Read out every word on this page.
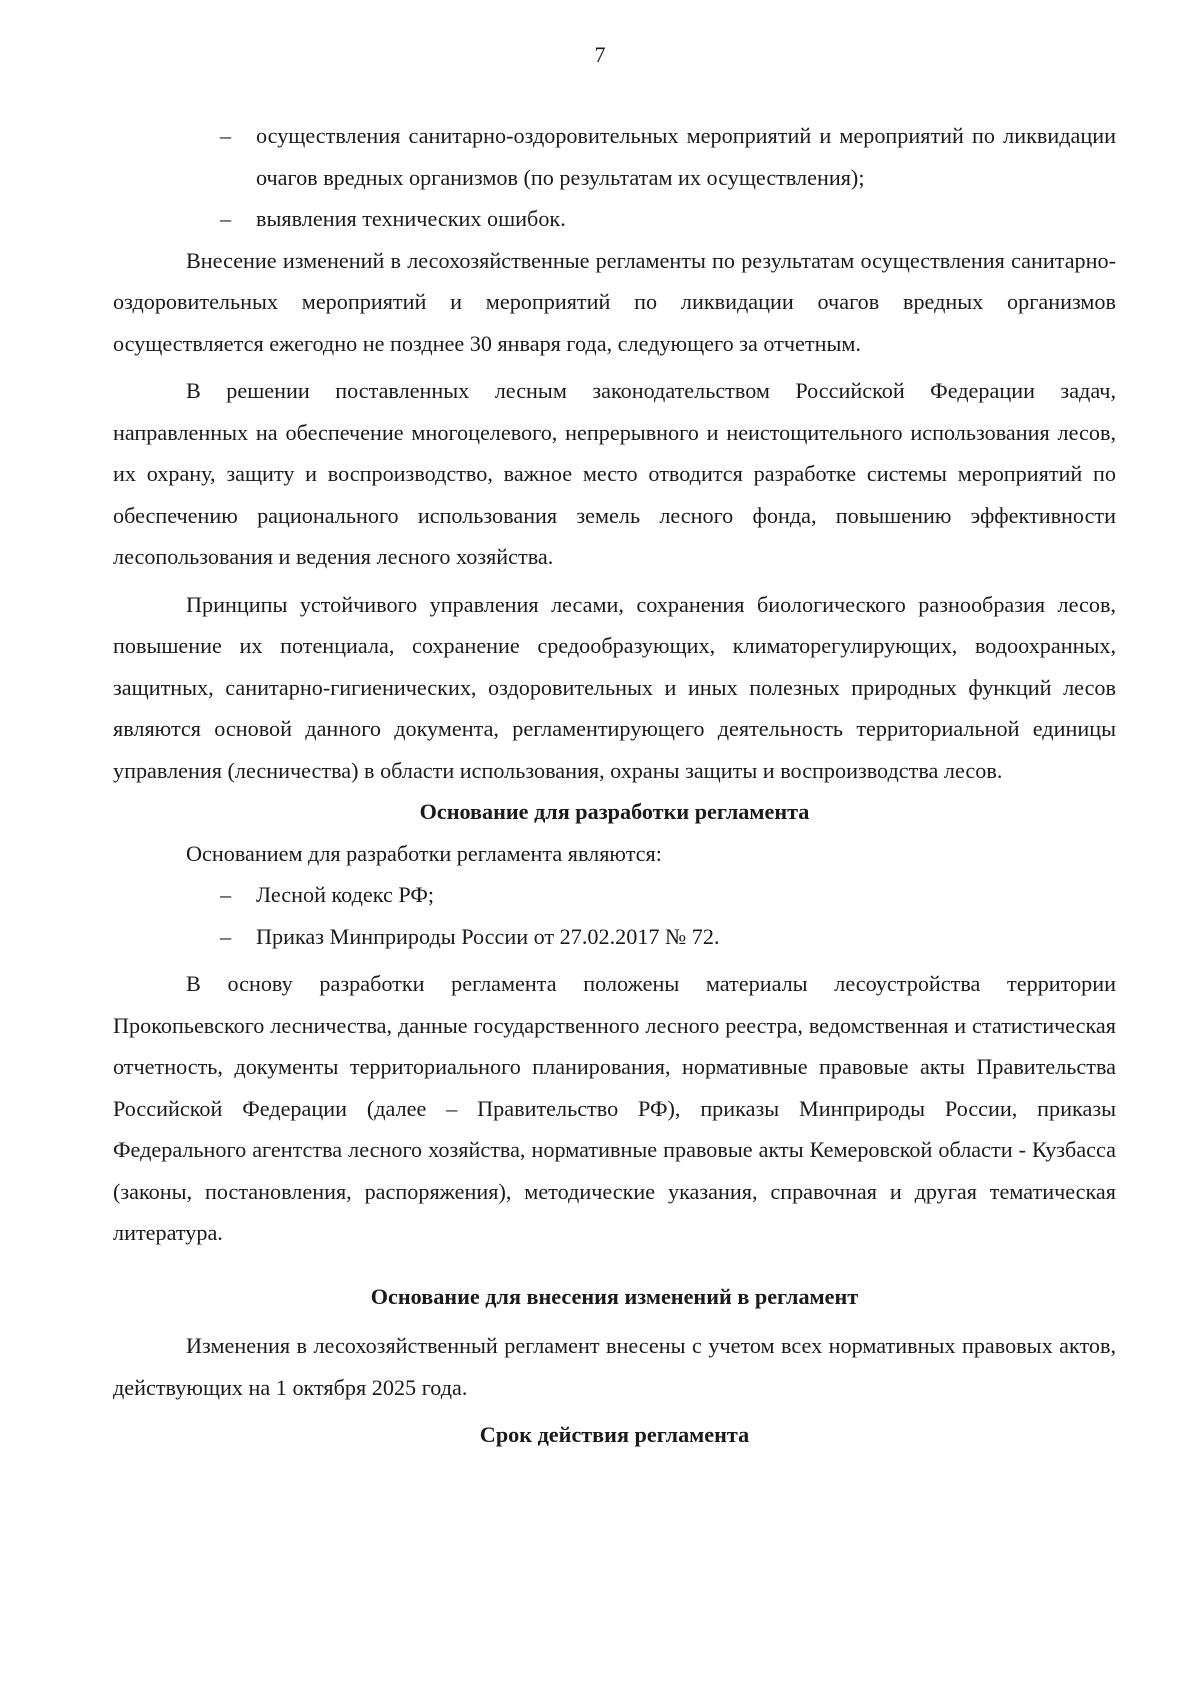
7
– осуществления санитарно-оздоровительных мероприятий и мероприятий по ликвидации очагов вредных организмов (по результатам их осуществления);
– выявления технических ошибок.

Внесение изменений в лесохозяйственные регламенты по результатам осуществления санитарно-оздоровительных мероприятий и мероприятий по ликвидации очагов вредных организмов осуществляется ежегодно не позднее 30 января года, следующего за отчетным.

В решении поставленных лесным законодательством Российской Федерации задач, направленных на обеспечение многоцелевого, непрерывного и неистощительного использования лесов, их охрану, защиту и воспроизводство, важное место отводится разработке системы мероприятий по обеспечению рационального использования земель лесного фонда, повышению эффективности лесопользования и ведения лесного хозяйства.

Принципы устойчивого управления лесами, сохранения биологического разнообразия лесов, повышение их потенциала, сохранение средообразующих, климаторегулирующих, водоохранных, защитных, санитарно-гигиенических, оздоровительных и иных полезных природных функций лесов являются основой данного документа, регламентирующего деятельность территориальной единицы управления (лесничества) в области использования, охраны защиты и воспроизводства лесов.

Основание для разработки регламента

Основанием для разработки регламента являются:

– Лесной кодекс РФ;
– Приказ Минприроды России от 27.02.2017 № 72.

В основу разработки регламента положены материалы лесоустройства территории Прокопьевского лесничества, данные государственного лесного реестра, ведомственная и статистическая отчетность, документы территориального планирования, нормативные правовые акты Правительства Российской Федерации (далее – Правительство РФ), приказы Минприроды России, приказы Федерального агентства лесного хозяйства, нормативные правовые акты Кемеровской области - Кузбасса (законы, постановления, распоряжения), методические указания, справочная и другая тематическая литература.

Основание для внесения изменений в регламент

Изменения в лесохозяйственный регламент внесены с учетом всех нормативных правовых актов, действующих на 1 октября 2025 года.

Срок действия регламента
